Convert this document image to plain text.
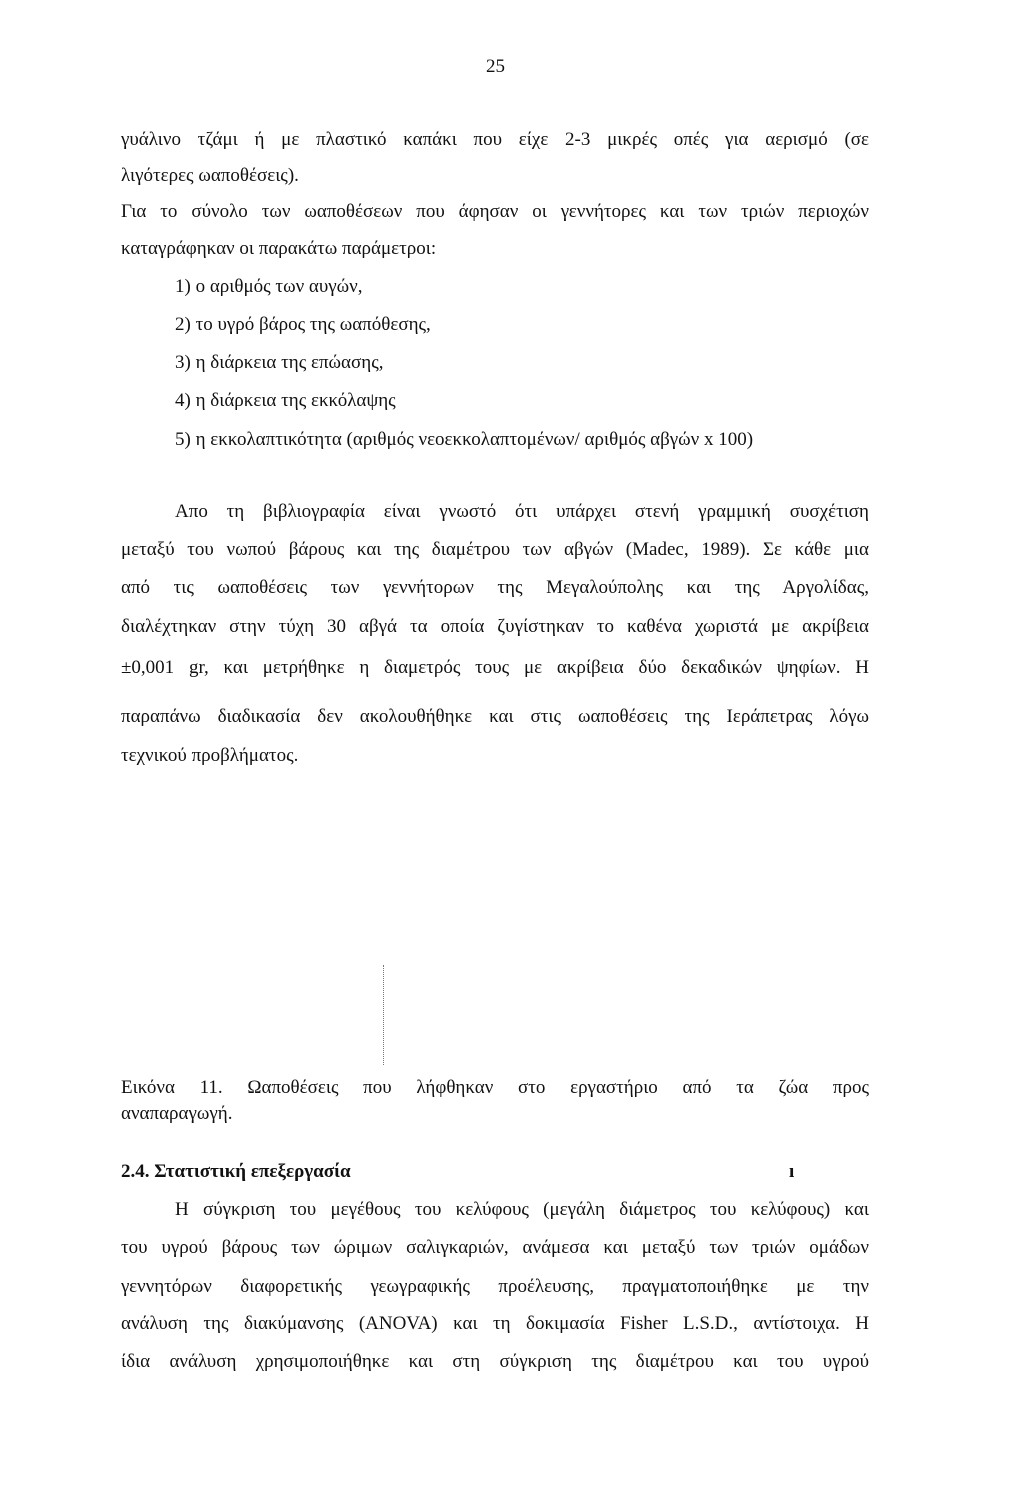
25
γυάλινο τζάμι ή με πλαστικό καπάκι που είχε 2-3 μικρές οπές για αερισμό (σε
λιγότερες ωαποθέσεις).
Για το σύνολο των ωαποθέσεων που άφησαν οι γεννήτορες και των τριών περιοχών
καταγράφηκαν οι παρακάτω παράμετροι:
1) ο αριθμός των αυγών,
2) το υγρό βάρος της ωαπόθεσης,
3) η διάρκεια της επώασης,
4) η διάρκεια της εκκόλαψης
5) η εκκολαπτικότητα (αριθμός νεοεκκολαπτομένων/ αριθμός αβγών x 100)
Απο τη βιβλιογραφία είναι γνωστό ότι υπάρχει στενή γραμμική συσχέτιση
μεταξύ του νωπού βάρους και της διαμέτρου των αβγών (Madec, 1989). Σε κάθε μια
από τις ωαποθέσεις των γεννήτορων της Μεγαλούπολης και της Αργολίδας,
διαλέχτηκαν στην τύχη 30 αβγά τα οποία ζυγίστηκαν το καθένα χωριστά με ακρίβεια
±0,001 gr, και μετρήθηκε η διαμετρός τους με ακρίβεια δύο δεκαδικών ψηφίων. Η
παραπάνω διαδικασία δεν ακολουθήθηκε και στις ωαποθέσεις της Ιεράπετρας λόγω
τεχνικού προβλήματος.
Εικόνα 11. Ωαποθέσεις που λήφθηκαν στο εργαστήριο από τα ζώα προς
αναπαραγωγή.
2.4. Στατιστική επεξεργασία	ı
Η σύγκριση του μεγέθους του κελύφους (μεγάλη διάμετρος του κελύφους) και
του υγρού βάρους των ώριμων σαλιγκαριών, ανάμεσα και μεταξύ των τριών ομάδων
γεννητόρων διαφορετικής γεωγραφικής προέλευσης, πραγματοποιήθηκε με την
ανάλυση της διακύμανσης (ANOVA) και τη δοκιμασία Fisher L.S.D., αντίστοιχα. Η
ίδια ανάλυση χρησιμοποιήθηκε και στη σύγκριση της διαμέτρου και του υγρού
